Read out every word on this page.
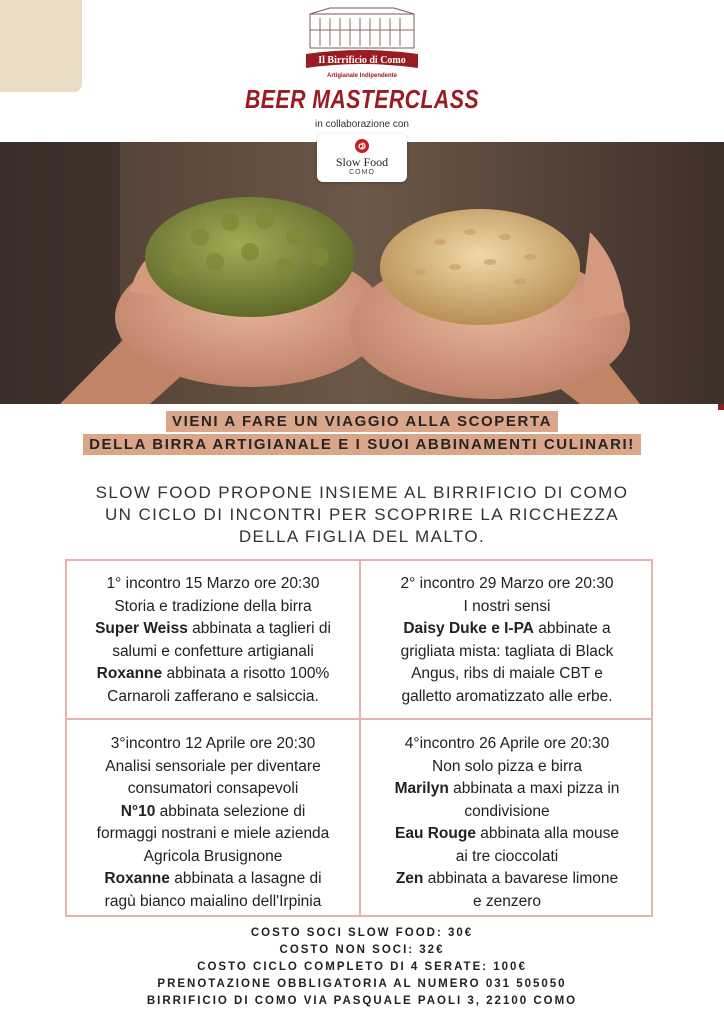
Il Birrificio di Como
Artigianale Indipendente
BEER MASTERCLASS
in collaborazione con
Slow Food
COMO
VIENI A FARE UN VIAGGIO ALLA SCOPERTA
DELLA BIRRA ARTIGIANALE E I SUOI ABBINAMENTI CULINARI!
SLOW FOOD PROPONE INSIEME AL BIRRIFICIO DI COMO
UN CICLO DI INCONTRI PER SCOPRIRE LA RICCHEZZA
DELLA FIGLIA DEL MALTO.
1° incontro 15 Marzo ore 20:30
Storia e tradizione della birra
Super Weiss abbinata a taglieri di
salumi e confetture artigianali
Roxanne abbinata a risotto 100%
Carnaroli zafferano e salsiccia.
2° incontro 29 Marzo ore 20:30
I nostri sensi
Daisy Duke e I-PA abbinate a
grigliata mista: tagliata di Black
Angus, ribs di maiale CBT e
galletto aromatizzato alle erbe.
3°incontro 12 Aprile ore 20:30
Analisi sensoriale per diventare
consumatori consapevoli
N°10 abbinata selezione di
formaggi nostrani e miele azienda
Agricola Brusignone
Roxanne abbinata a lasagne di
ragù bianco maialino dell'Irpinia
4°incontro 26 Aprile ore 20:30
Non solo pizza e birra
Marilyn abbinata a maxi pizza in
condivisione
Eau Rouge abbinata alla mouse
ai tre cioccolati
Zen abbinata a bavarese limone
e zenzero
COSTO SOCI SLOW FOOD: 30€
COSTO NON SOCI: 32€
COSTO CICLO COMPLETO DI 4 SERATE: 100€
PRENOTAZIONE OBBLIGATORIA AL NUMERO 031 505050
BIRRIFICIO DI COMO VIA PASQUALE PAOLI 3, 22100 COMO
